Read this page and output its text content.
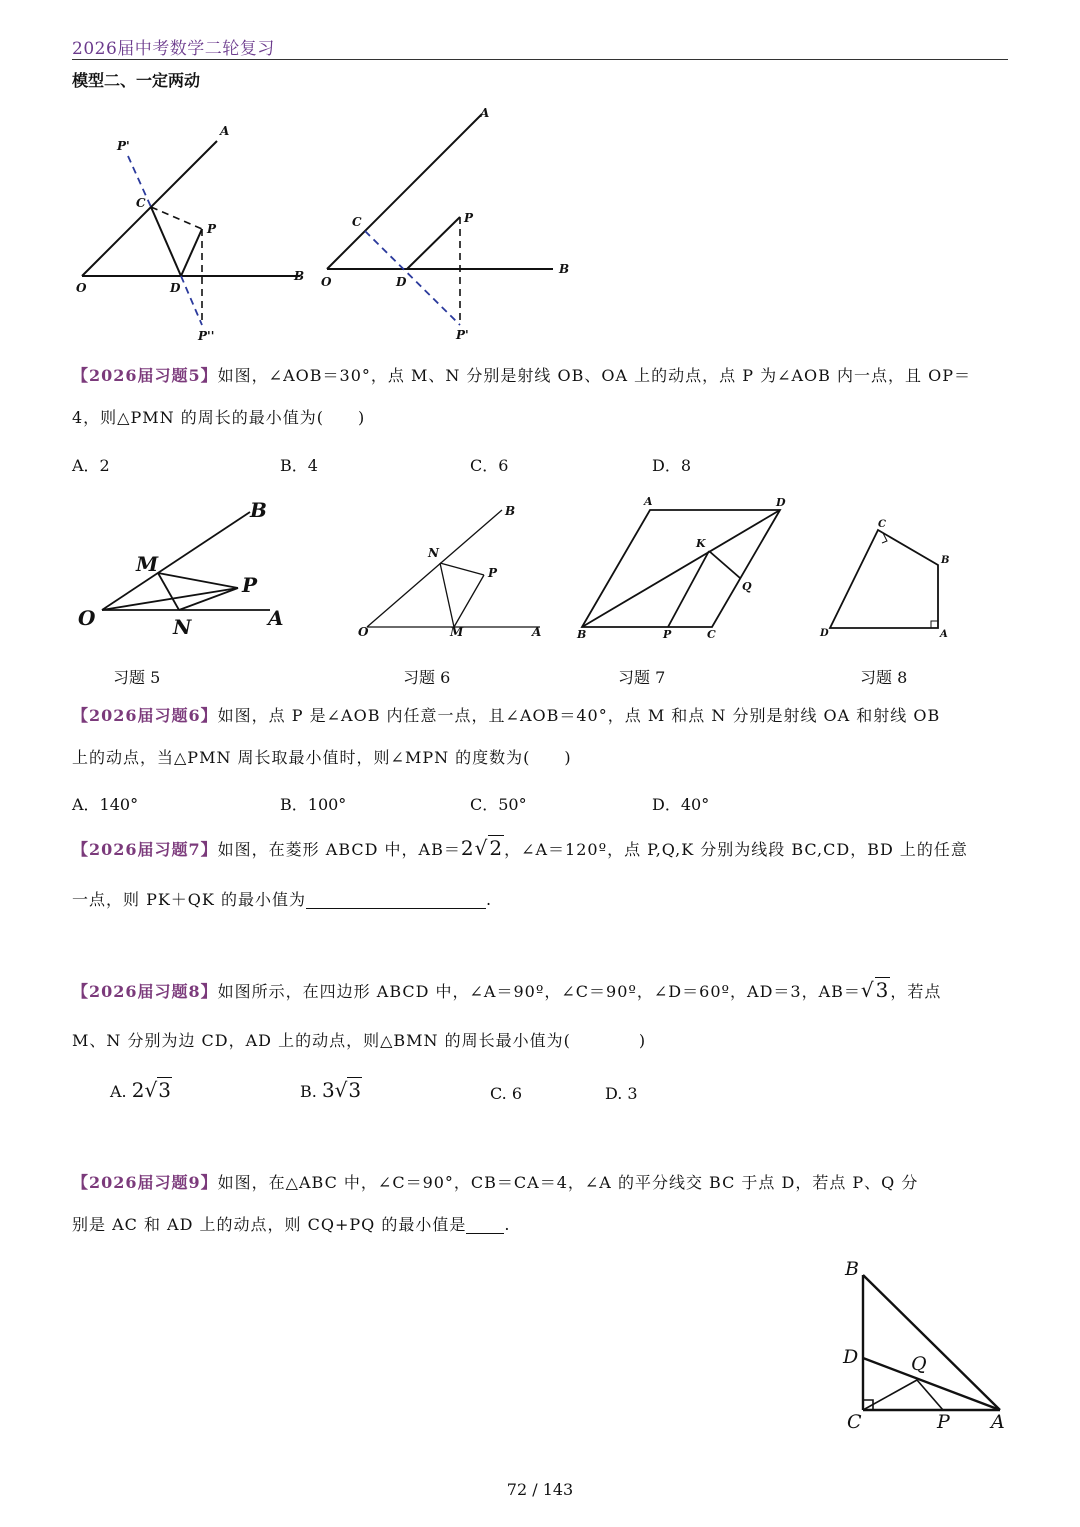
2026届中考数学二轮复习
模型二、一定两动
P'
A
C
P
O	D
B
P''
A
C	P
O	D
B
P'
【2026届习题5】如图，∠AOB＝30°，点 M、N 分别是射线 OB、OA 上的动点，点 P 为∠AOB 内一点，且 OP＝
4，则△PMN 的周长的最小值为(　　)
A．2	B．4	C．6	D．8
B
M
P
O	N	A
B
N
P
O	M	A
A	D
K
Q
B	P	C
C
B
D	A
习题 5	习题 6	习题 7	习题 8
【2026届习题6】如图，点 P 是∠AOB 内任意一点，且∠AOB＝40°，点 M 和点 N 分别是射线 OA 和射线 OB
上的动点，当△PMN 周长取最小值时，则∠MPN 的度数为(　　)
A．140°	B．100°	C．50°	D．40°
【2026届习题7】如图，在菱形 ABCD 中，AB＝2√2，∠A＝120º，点 P,Q,K 分别为线段 BC,CD，BD 上的任意
一点，则 PK＋QK 的最小值为	.
【2026届习题8】如图所示，在四边形 ABCD 中，∠A＝90º，∠C＝90º，∠D＝60º，AD＝3，AB＝√3，若点
M、N 分别为边 CD，AD 上的动点，则△BMN 的周长最小值为(　　　　)
A. 2√3	B. 3√3	C. 6	D. 3
【2026届习题9】如图，在△ABC 中，∠C＝90°，CB＝CA＝4，∠A 的平分线交 BC 于点 D，若点 P、Q 分
别是 AC 和 AD 上的动点，则 CQ+PQ 的最小值是 .
B
D	Q
C	P A
72 / 143
